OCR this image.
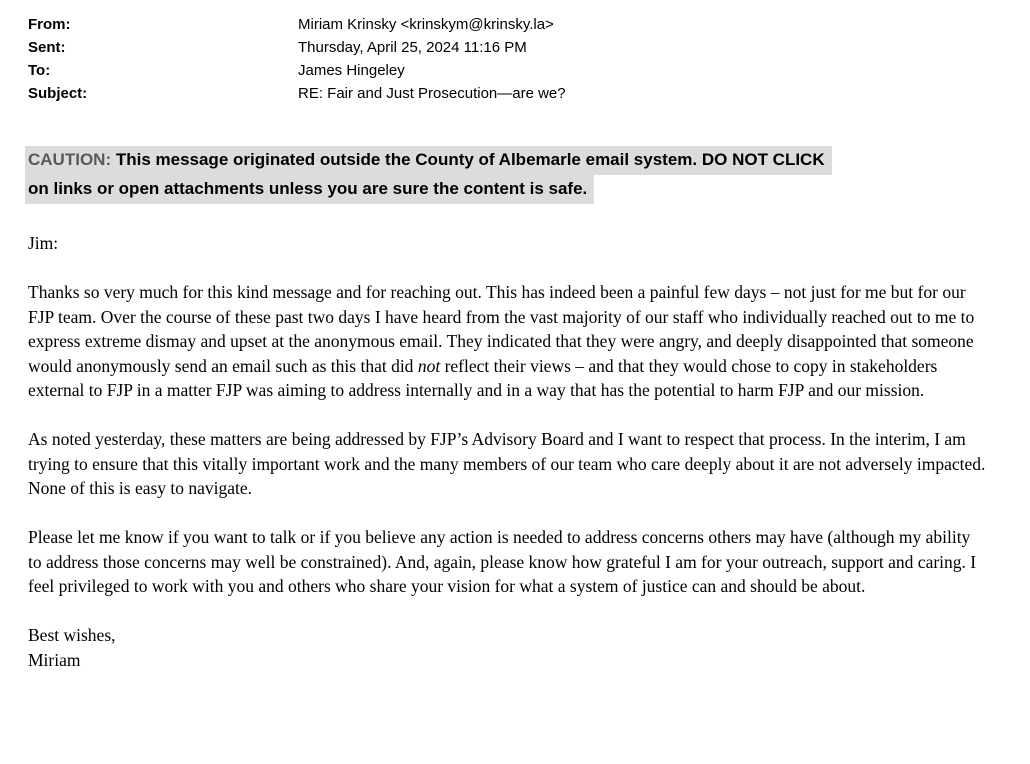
From:	Miriam Krinsky <krinskym@krinsky.la>
Sent:	Thursday, April 25, 2024 11:16 PM
To:	James Hingeley
Subject:	RE: Fair and Just Prosecution—are we?
CAUTION: This message originated outside the County of Albemarle email system. DO NOT CLICK
on links or open attachments unless you are sure the content is safe.

Jim:

Thanks so very much for this kind message and for reaching out. This has indeed been a painful few days – not just for me but for our FJP team. Over the course of these past two days I have heard from the vast majority of our staff who individually reached out to me to express extreme dismay and upset at the anonymous email. They indicated that they were angry, and deeply disappointed that someone would anonymously send an email such as this that did not reflect their views – and that they would chose to copy in stakeholders external to FJP in a matter FJP was aiming to address internally and in a way that has the potential to harm FJP and our mission.

As noted yesterday, these matters are being addressed by FJP’s Advisory Board and I want to respect that process. In the interim, I am trying to ensure that this vitally important work and the many members of our team who care deeply about it are not adversely impacted. None of this is easy to navigate.

Please let me know if you want to talk or if you believe any action is needed to address concerns others may have (although my ability to address those concerns may well be constrained). And, again, please know how grateful I am for your outreach, support and caring. I feel privileged to work with you and others who share your vision for what a system of justice can and should be about.

Best wishes,
Miriam
